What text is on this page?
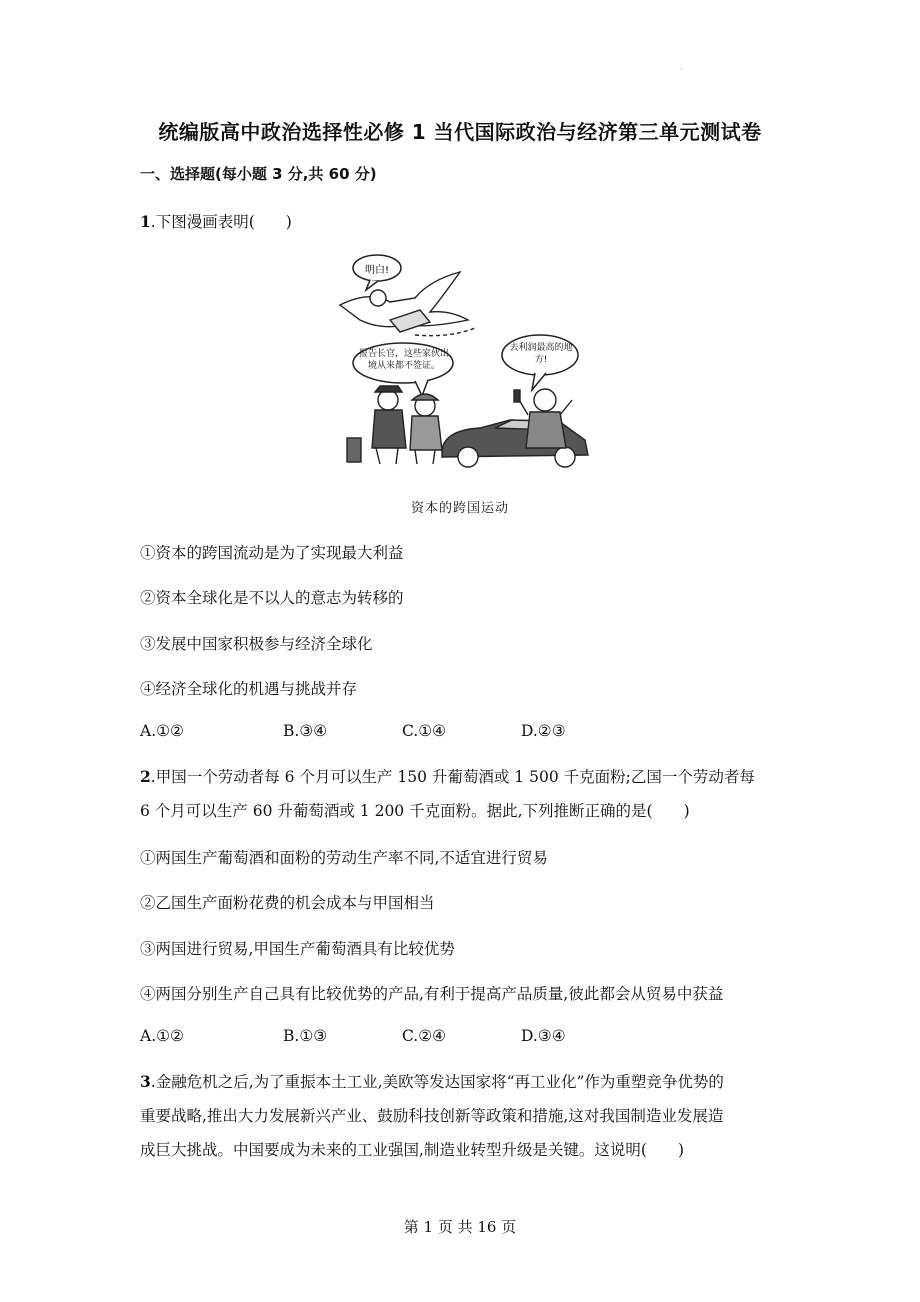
.
统编版高中政治选择性必修 1 当代国际政治与经济第三单元测试卷
一、选择题(每小题 3 分,共 60 分)
1.下图漫画表明(　　)
明白!
报告长官，这些家伙出境从来都不签证。
去利润最高的地方!
资本的跨国运动
①资本的跨国流动是为了实现最大利益
②资本全球化是不以人的意志为转移的
③发展中国家积极参与经济全球化
④经济全球化的机遇与挑战并存
A.①②	B.③④	C.①④	D.②③
2.甲国一个劳动者每 6 个月可以生产 150 升葡萄酒或 1 500 千克面粉;乙国一个劳动者每
6 个月可以生产 60 升葡萄酒或 1 200 千克面粉。据此,下列推断正确的是(　　)
①两国生产葡萄酒和面粉的劳动生产率不同,不适宜进行贸易
②乙国生产面粉花费的机会成本与甲国相当
③两国进行贸易,甲国生产葡萄酒具有比较优势
④两国分别生产自己具有比较优势的产品,有利于提高产品质量,彼此都会从贸易中获益
A.①②	B.①③	C.②④	D.③④
3.金融危机之后,为了重振本土工业,美欧等发达国家将“再工业化”作为重塑竞争优势的
重要战略,推出大力发展新兴产业、鼓励科技创新等政策和措施,这对我国制造业发展造
成巨大挑战。中国要成为未来的工业强国,制造业转型升级是关键。这说明(　　)
第 1 页 共 16 页
